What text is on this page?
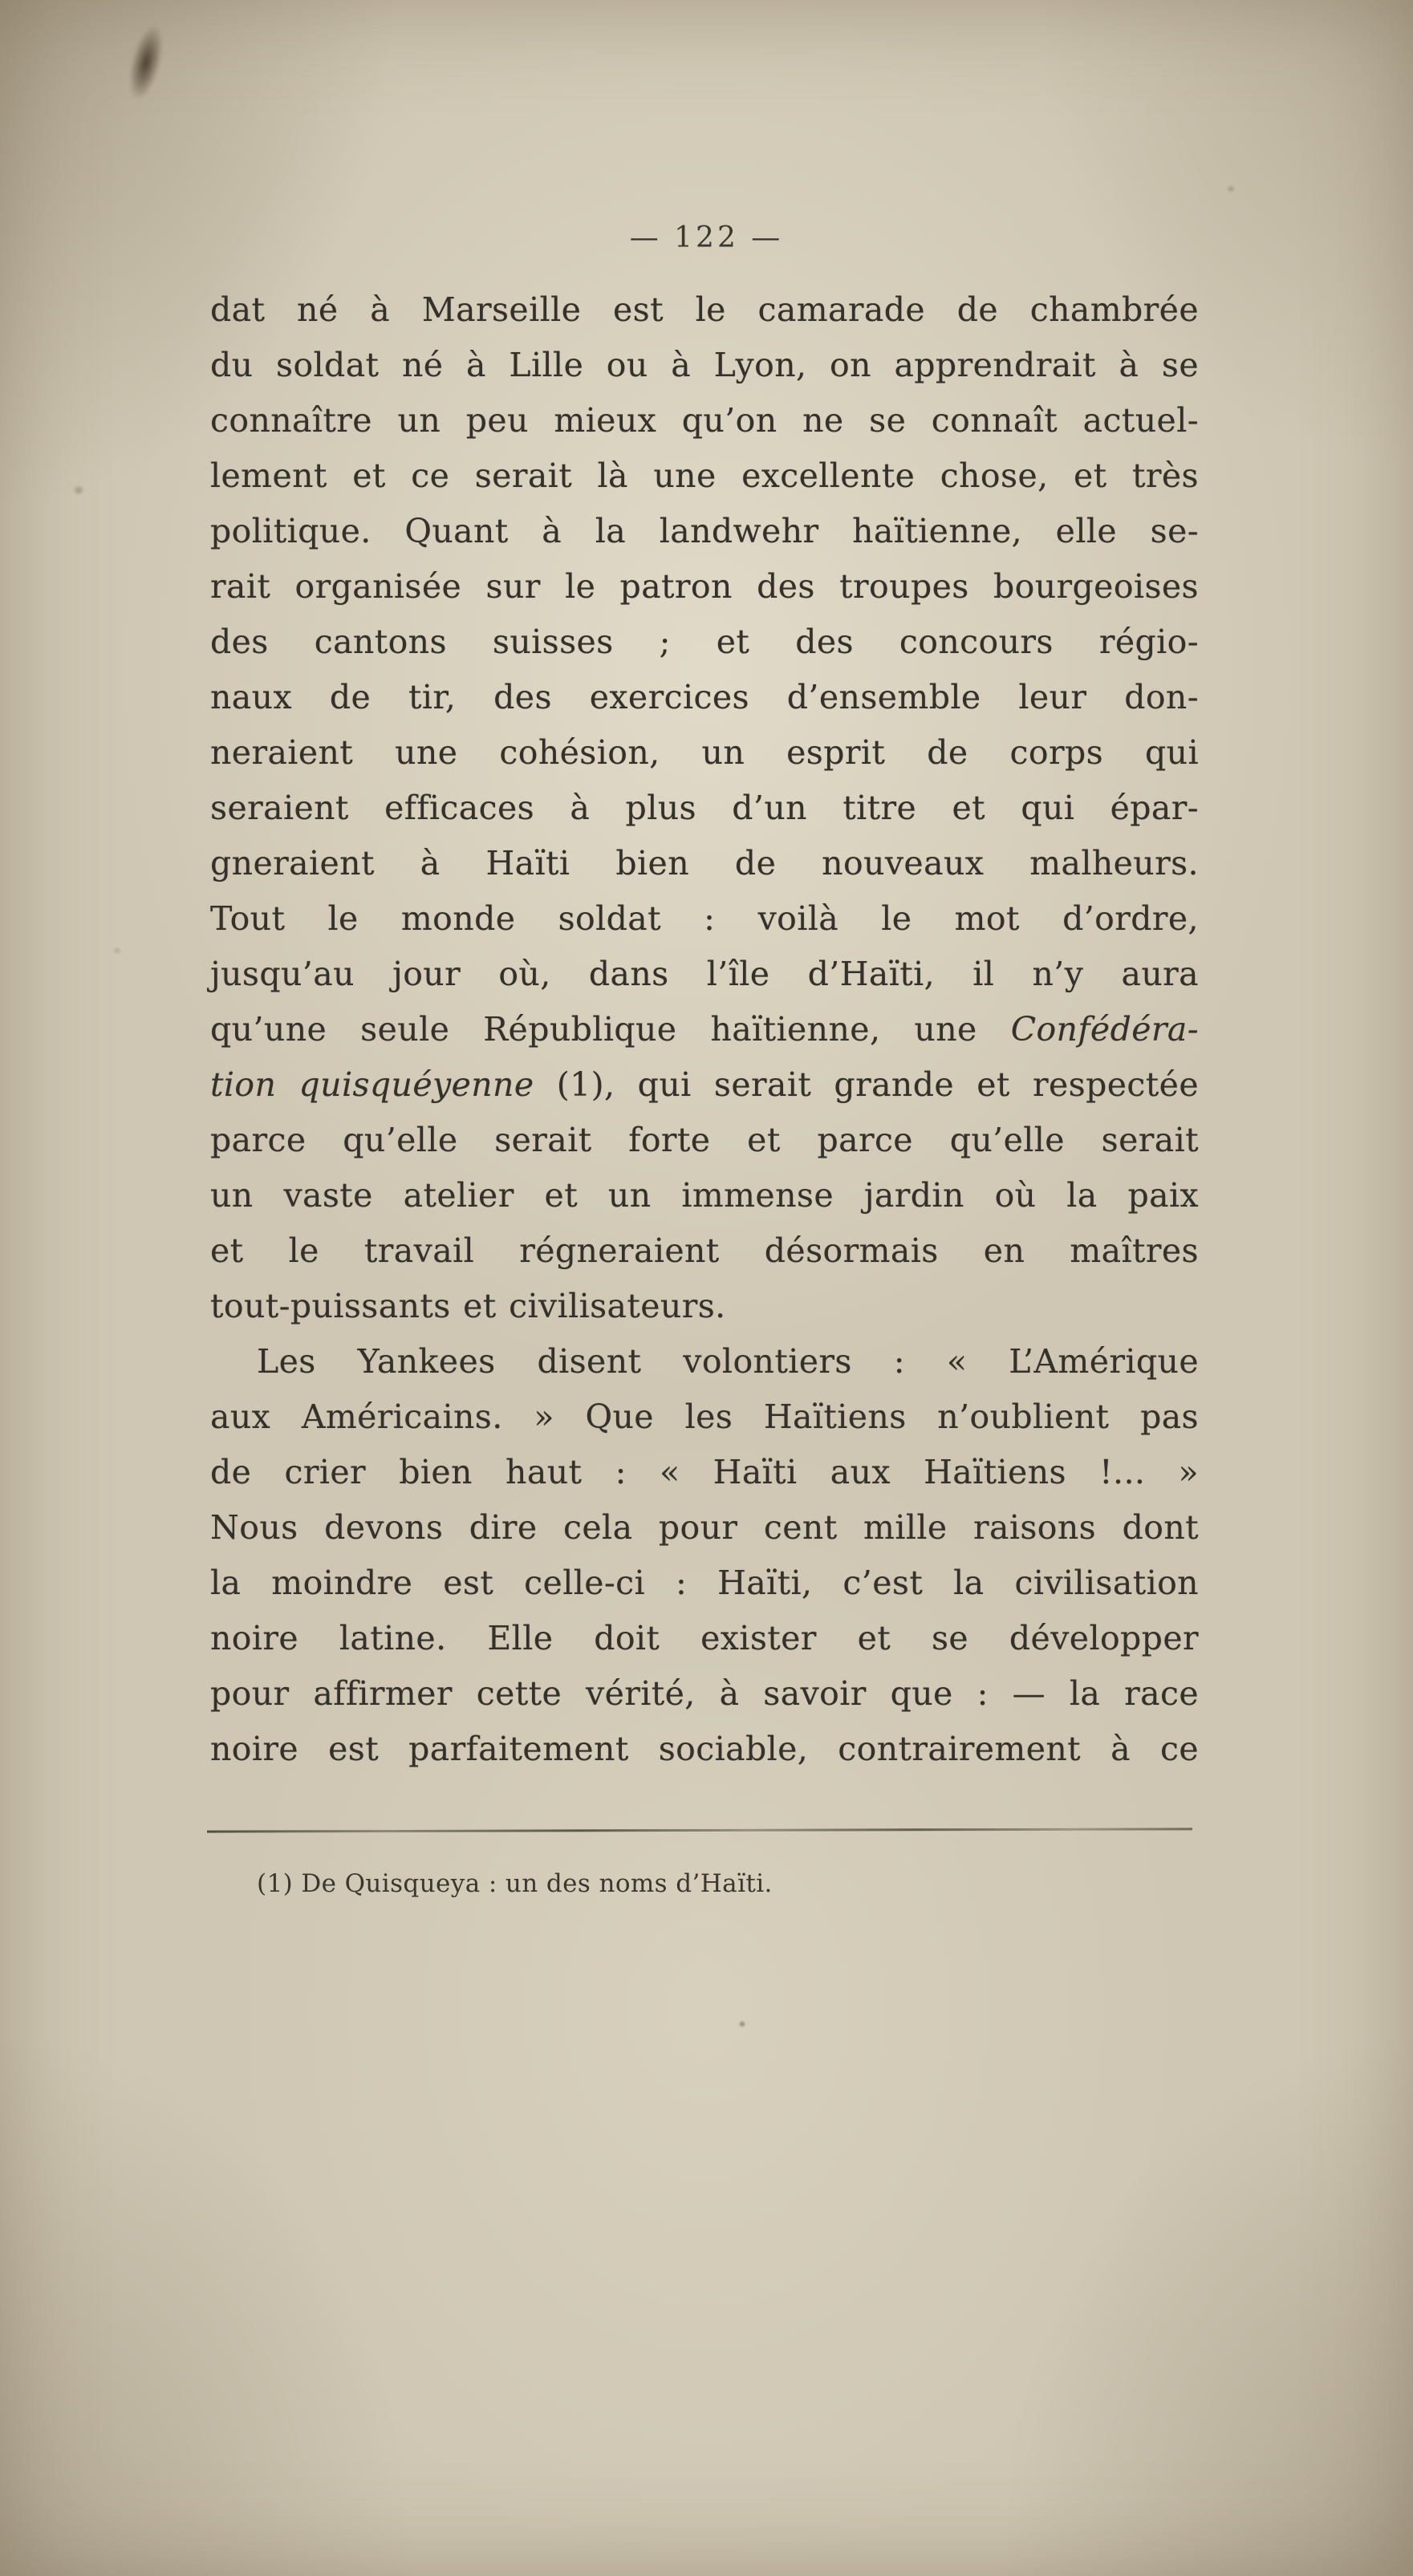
— 122 —
dat né à Marseille est le camarade de chambrée
du soldat né à Lille ou à Lyon, on apprendrait à se
connaître un peu mieux qu’on ne se connaît actuel-
lement et ce serait là une excellente chose, et très
politique. Quant à la landwehr haïtienne, elle se-
rait organisée sur le patron des troupes bourgeoises
des cantons suisses ; et des concours régio-
naux de tir, des exercices d’ensemble leur don-
neraient une cohésion, un esprit de corps qui
seraient efficaces à plus d’un titre et qui épar-
gneraient à Haïti bien de nouveaux malheurs.
Tout le monde soldat : voilà le mot d’ordre,
jusqu’au jour où, dans l’île d’Haïti, il n’y aura
qu’une seule République haïtienne, une Confédéra-
tion quisquéyenne (1), qui serait grande et respectée
parce qu’elle serait forte et parce qu’elle serait
un vaste atelier et un immense jardin où la paix
et le travail régneraient désormais en maîtres
tout-puissants et civilisateurs.
Les Yankees disent volontiers : « L’Amérique
aux Américains. » Que les Haïtiens n’oublient pas
de crier bien haut : « Haïti aux Haïtiens !... »
Nous devons dire cela pour cent mille raisons dont
la moindre est celle-ci : Haïti, c’est la civilisation
noire latine. Elle doit exister et se développer
pour affirmer cette vérité, à savoir que : — la race
noire est parfaitement sociable, contrairement à ce
(1) De Quisqueya : un des noms d’Haïti.
